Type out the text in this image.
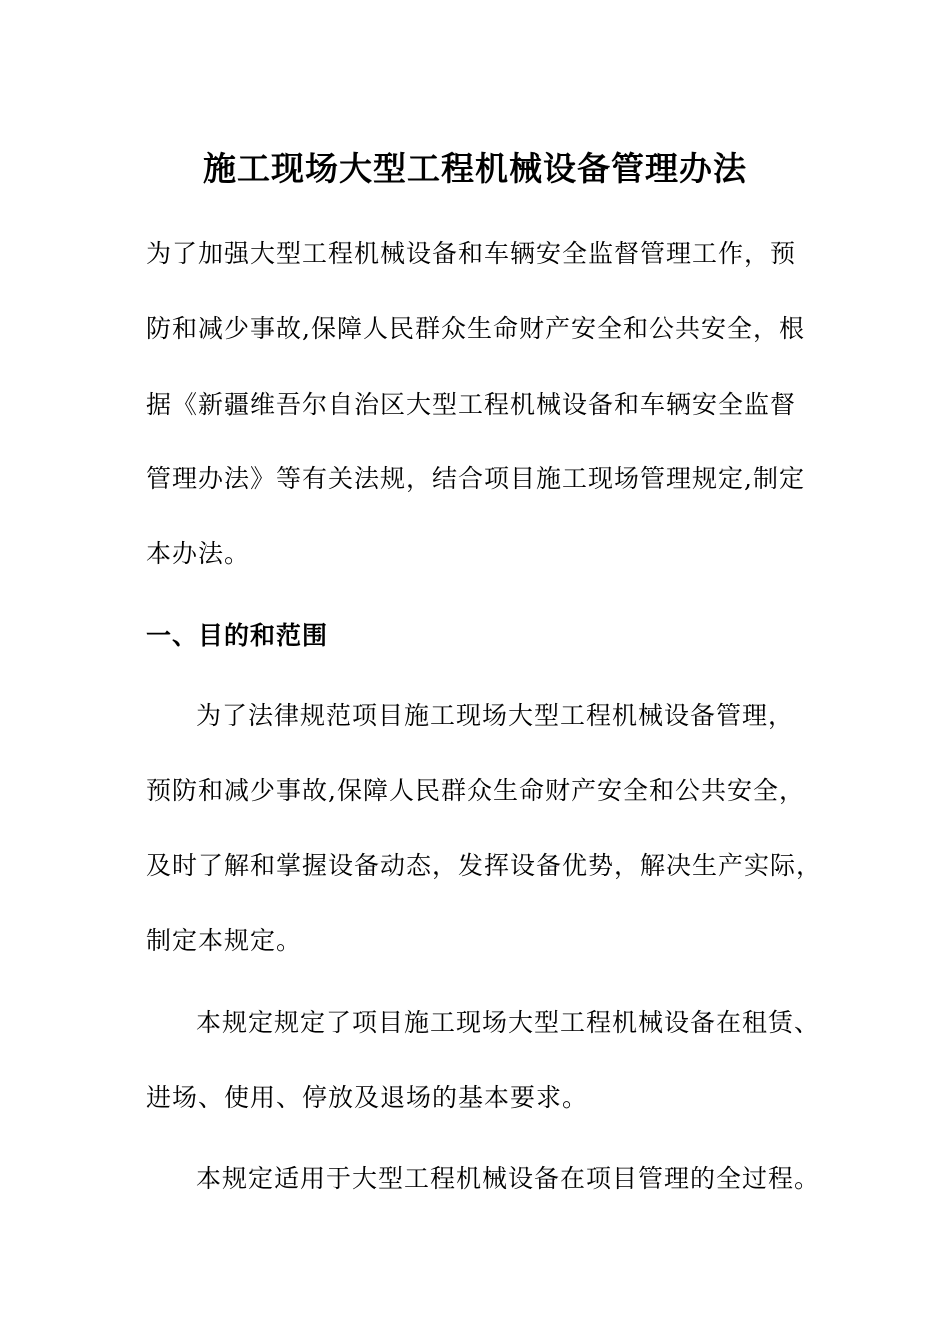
施工现场大型工程机械设备管理办法
为了加强大型工程机械设备和车辆安全监督管理工作，预
防和减少事故,保障人民群众生命财产安全和公共安全，根
据《新疆维吾尔自治区大型工程机械设备和车辆安全监督
管理办法》等有关法规，结合项目施工现场管理规定,制定
本办法。
一、目的和范围
为了法律规范项目施工现场大型工程机械设备管理，
预防和减少事故,保障人民群众生命财产安全和公共安全，
及时了解和掌握设备动态，发挥设备优势，解决生产实际，
制定本规定。
本规定规定了项目施工现场大型工程机械设备在租赁、
进场、使用、停放及退场的基本要求。
本规定适用于大型工程机械设备在项目管理的全过程。
